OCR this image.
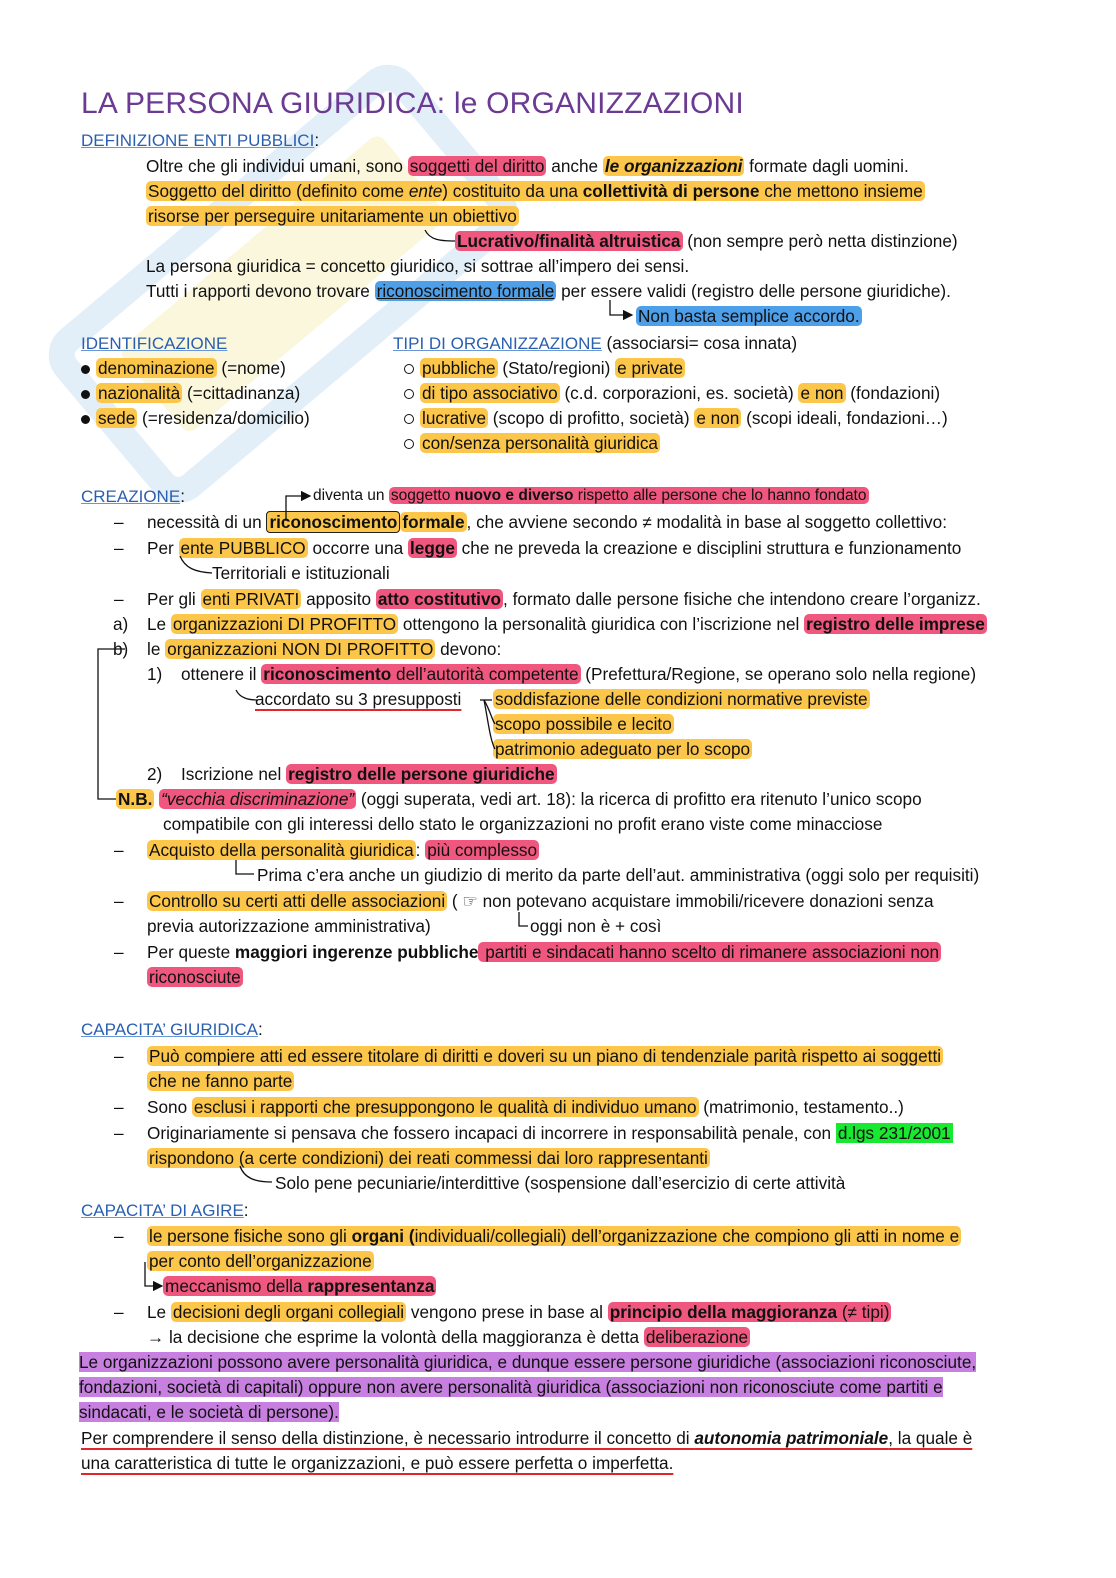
LA PERSONA GIURIDICA: le ORGANIZZAZIONI
DEFINIZIONE ENTI PUBBLICI:
Oltre che gli individui umani, sono soggetti del diritto anche le organizzazioni formate dagli uomini.
Soggetto del diritto (definito come ente) costituito da una collettività di persone che mettono insieme
risorse per perseguire unitariamente un obiettivo
Lucrativo/finalità altruistica (non sempre però netta distinzione)
La persona giuridica = concetto giuridico, si sottrae all’impero dei sensi.
Tutti i rapporti devono trovare riconoscimento formale per essere validi (registro delle persone giuridiche).
Non basta semplice accordo.
IDENTIFICAZIONE
denominazione (=nome)
nazionalità (=cittadinanza)
sede (=residenza/domicilio)
TIPI DI ORGANIZZAZIONE (associarsi= cosa innata)
pubbliche (Stato/regioni) e private
di tipo associativo (c.d. corporazioni, es. società) e non (fondazioni)
lucrative (scopo di profitto, società) e non (scopi ideali, fondazioni…)
con/senza personalità giuridica
CREAZIONE:	diventa un soggetto nuovo e diverso rispetto alle persone che lo hanno fondato
– necessità di un riconoscimento formale , che avviene secondo ≠ modalità in base al soggetto collettivo:
– Per ente PUBBLICO occorre una legge che ne preveda la creazione e disciplini struttura e funzionamento
Territoriali e istituzionali
– Per gli enti PRIVATI apposito atto costitutivo , formato dalle persone fisiche che intendono creare l’organizz.
a) Le organizzazioni DI PROFITTO ottengono la personalità giuridica con l’iscrizione nel registro delle imprese
b) le organizzazioni NON DI PROFITTO devono:
1) ottenere il riconoscimento dell’autorità competente (Prefettura/Regione, se operano solo nella regione)
accordato su 3 presupposti soddisfazione delle condizioni normative previste
scopo possibile e lecito
patrimonio adeguato per lo scopo
2) Iscrizione nel registro delle persone giuridiche
N.B. “vecchia discriminazione” (oggi superata, vedi art. 18): la ricerca di profitto era ritenuto l’unico scopo
compatibile con gli interessi dello stato le organizzazioni no profit erano viste come minacciose
– Acquisto della personalità giuridica : più complesso
Prima c’era anche un giudizio di merito da parte dell’aut. amministrativa (oggi solo per requisiti)
– Controllo su certi atti delle associazioni ( ☞ non potevano acquistare immobili/ricevere donazioni senza
previa autorizzazione amministrativa)	oggi non è + così
– Per queste maggiori ingerenze pubbliche partiti e sindacati hanno scelto di rimanere associazioni non
riconosciute
CAPACITA’ GIURIDICA:
– Può compiere atti ed essere titolare di diritti e doveri su un piano di tendenziale parità rispetto ai soggetti
che ne fanno parte
– Sono esclusi i rapporti che presuppongono le qualità di individuo umano (matrimonio, testamento..)
– Originariamente si pensava che fossero incapaci di incorrere in responsabilità penale, con d.lgs 231/2001
rispondono (a certe condizioni) dei reati commessi dai loro rappresentanti
Solo pene pecuniarie/interdittive (sospensione dall’esercizio di certe attività
CAPACITA’ DI AGIRE:
– le persone fisiche sono gli organi (individuali/collegiali) dell’organizzazione che compiono gli atti in nome e
per conto dell’organizzazione
meccanismo della rappresentanza
– Le decisioni degli organi collegiali vengono prese in base al principio della maggioranza (≠ tipi)
→ la decisione che esprime la volontà della maggioranza è detta deliberazione
Le organizzazioni possono avere personalità giuridica, e dunque essere persone giuridiche (associazioni riconosciute,
fondazioni, società di capitali) oppure non avere personalità giuridica (associazioni non riconosciute come partiti e
sindacati, e le società di persone).
Per comprendere il senso della distinzione, è necessario introdurre il concetto di autonomia patrimoniale, la quale è
una caratteristica di tutte le organizzazioni, e può essere perfetta o imperfetta.
